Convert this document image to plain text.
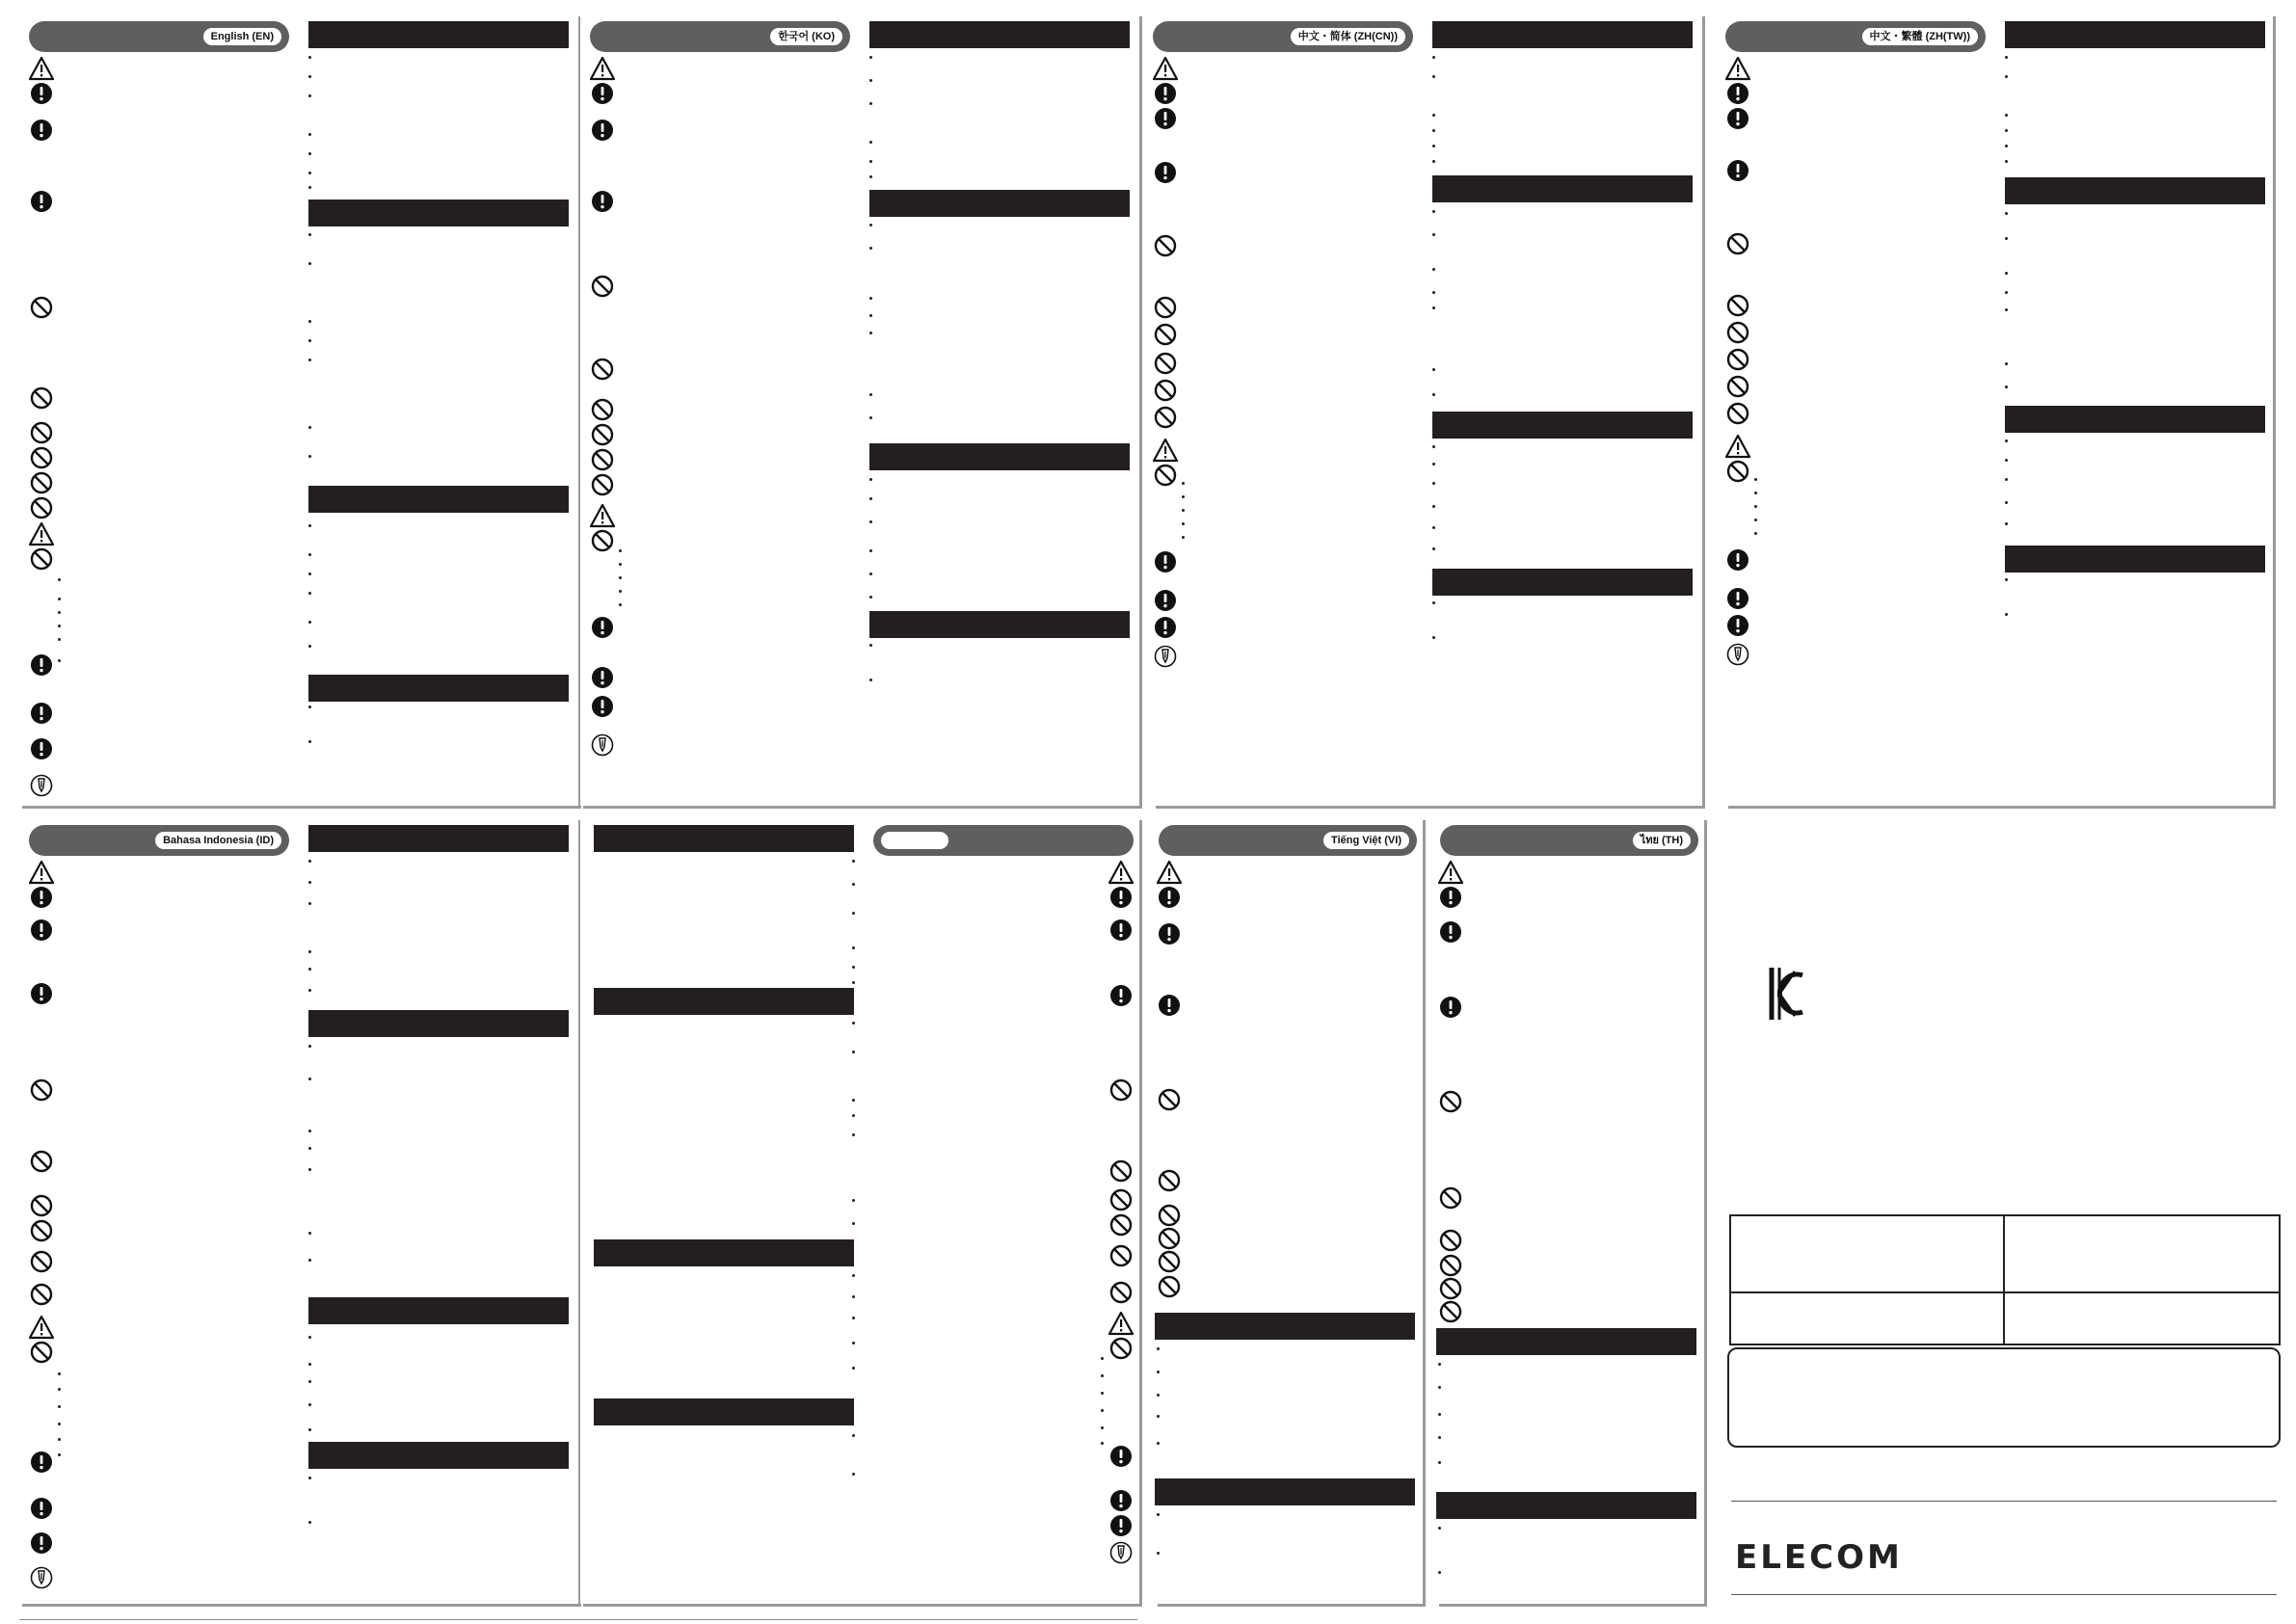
English (EN)	한국어 (KO)	中文・简体 (ZH(CN))	中文・繁體 (ZH(TW))
Bahasa Indonesia (ID)	Tiếng Việt (VI)	ไทย (TH)
ELECOM
